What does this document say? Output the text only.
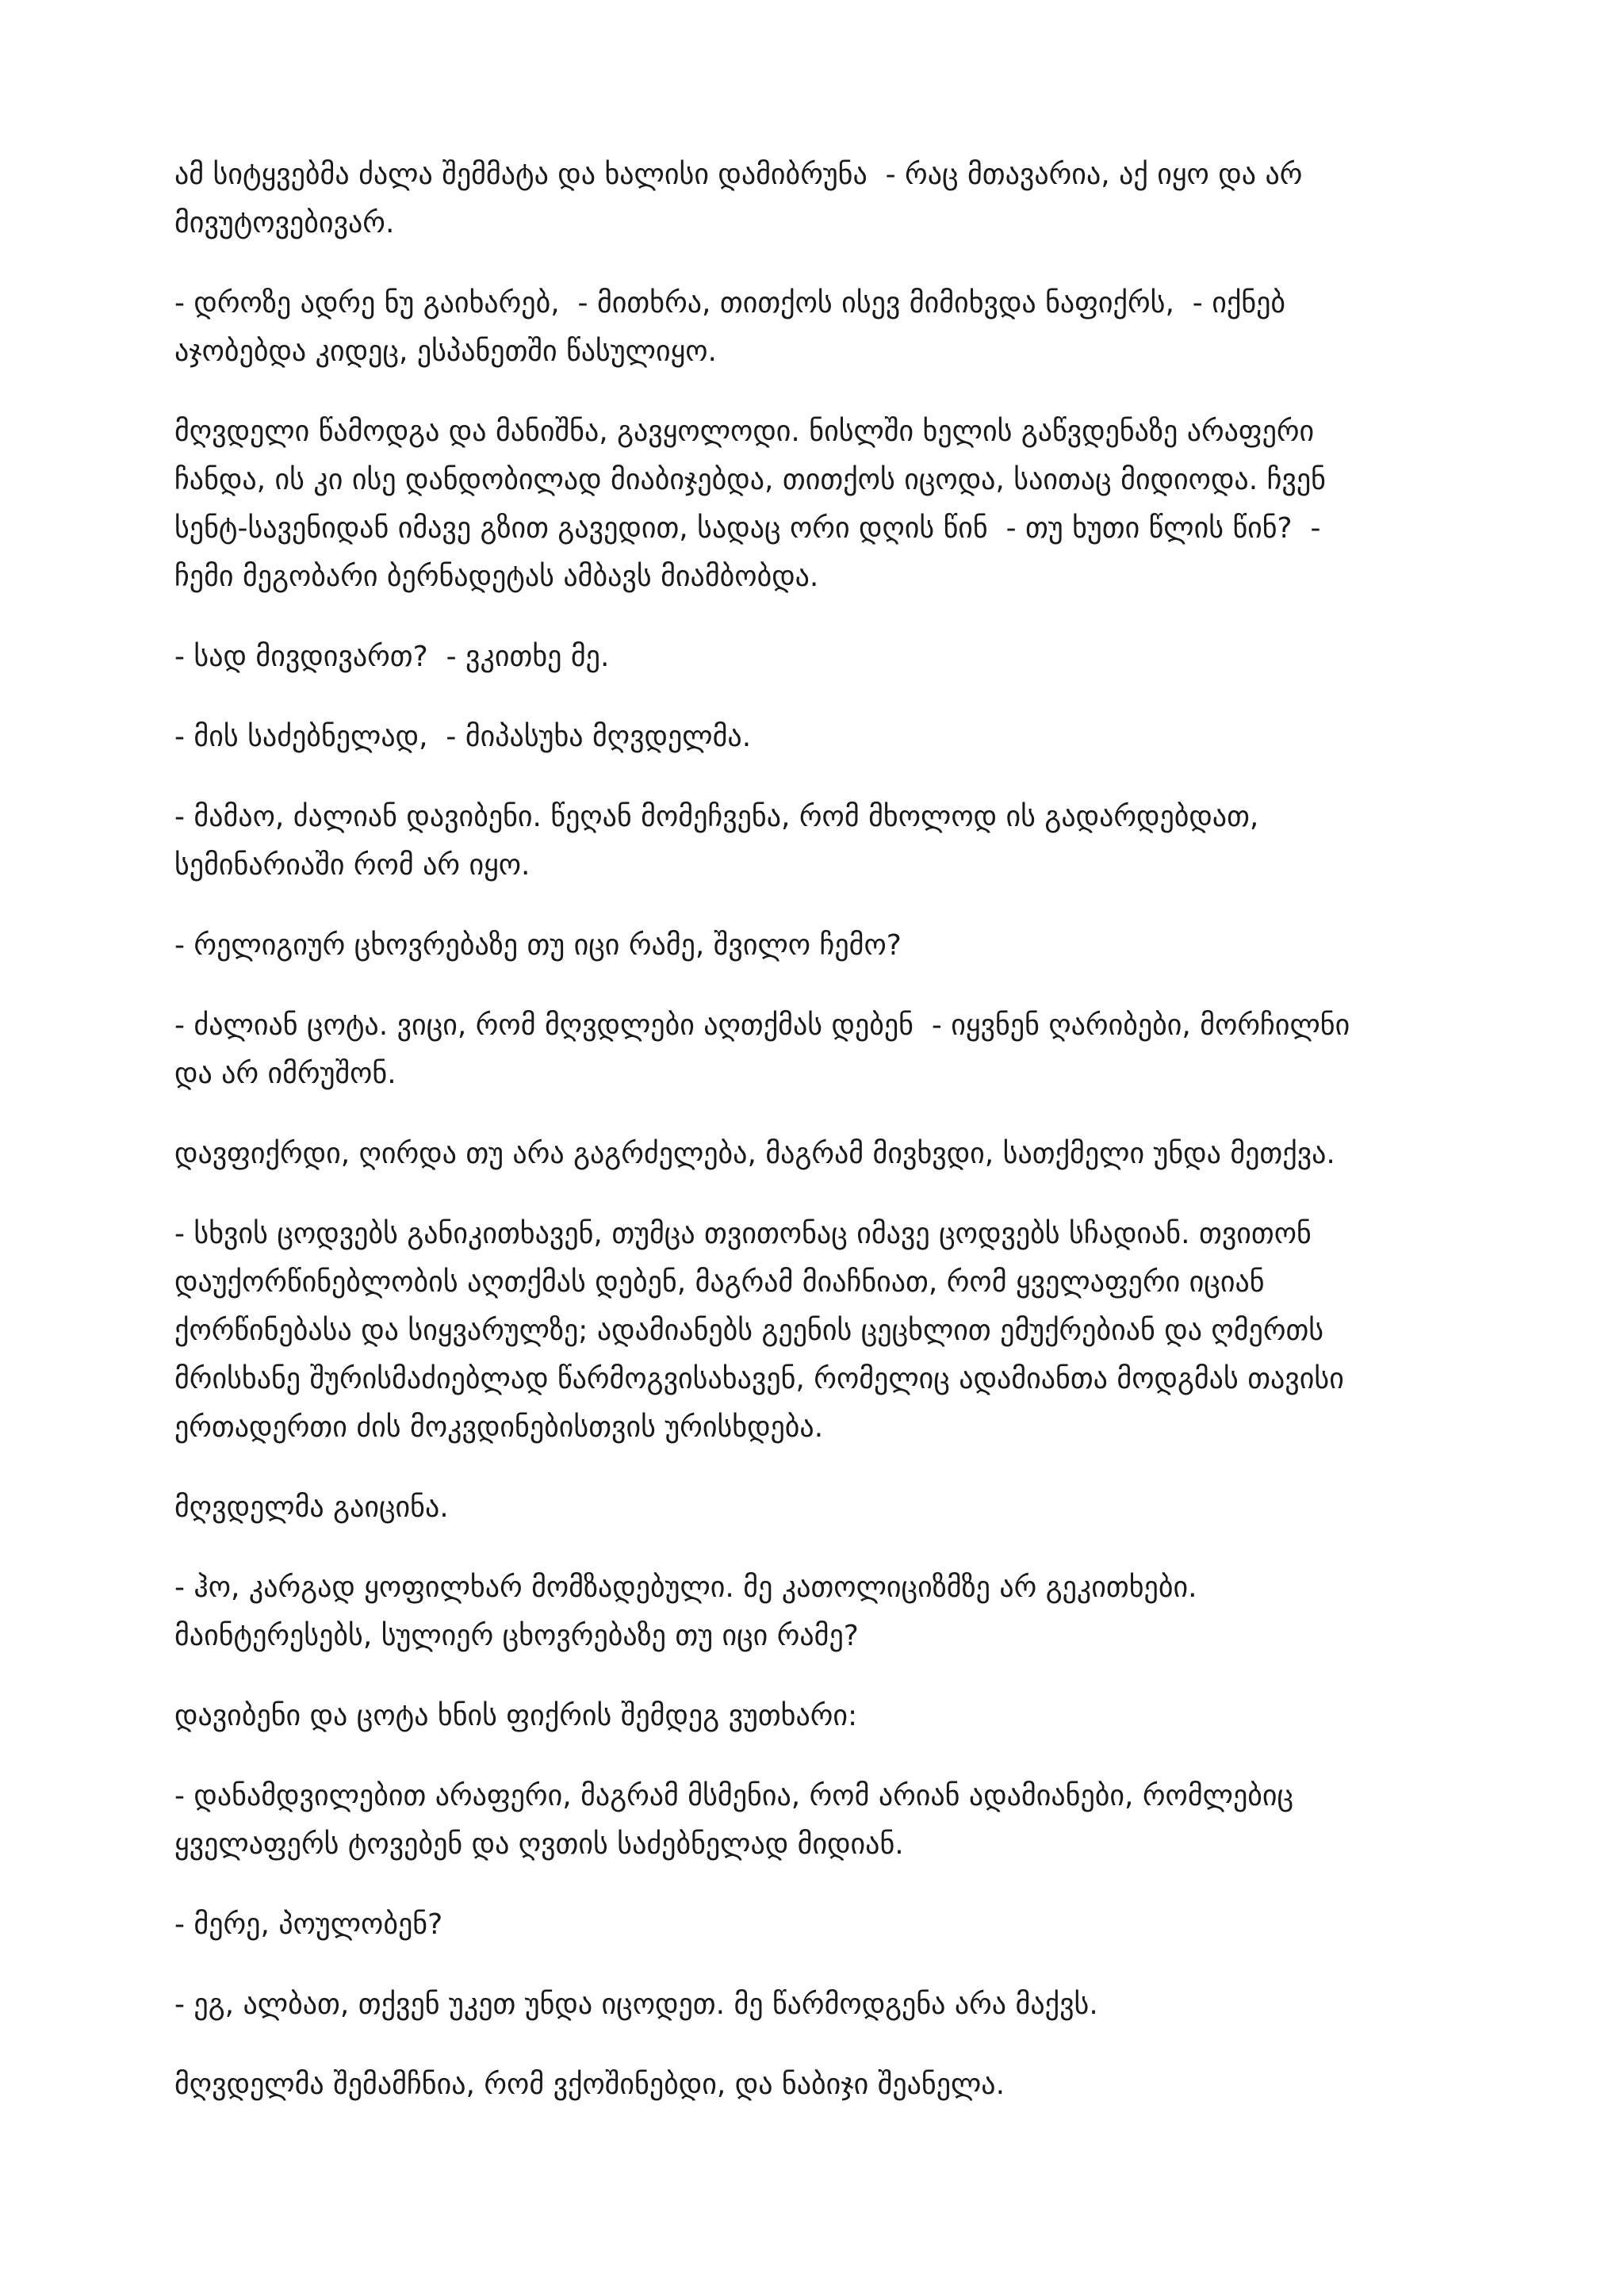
ამ სიტყვებმა ძალა შემმატა და ხალისი დამიბრუნა  - რაც მთავარია, აქ იყო და არ
მივუტოვებივარ.

- დროზე ადრე ნუ გაიხარებ,  - მითხრა, თითქოს ისევ მიმიხვდა ნაფიქრს,  - იქნებ
აჯობებდა კიდეც, ესპანეთში წასულიყო.

მღვდელი წამოდგა და მანიშნა, გავყოლოდი. ნისლში ხელის გაწვდენაზე არაფერი
ჩანდა, ის კი ისე დანდობილად მიაბიჯებდა, თითქოს იცოდა, საითაც მიდიოდა. ჩვენ
სენტ-სავენიდან იმავე გზით გავედით, სადაც ორი დღის წინ  - თუ ხუთი წლის წინ?  -
ჩემი მეგობარი ბერნადეტას ამბავს მიამბობდა.

- სად მივდივართ?  - ვკითხე მე.

- მის საძებნელად,  - მიპასუხა მღვდელმა.

- მამაო, ძალიან დავიბენი. წეღან მომეჩვენა, რომ მხოლოდ ის გადარდებდათ,
სემინარიაში რომ არ იყო.

- რელიგიურ ცხოვრებაზე თუ იცი რამე, შვილო ჩემო?

- ძალიან ცოტა. ვიცი, რომ მღვდლები აღთქმას დებენ  - იყვნენ ღარიბები, მორჩილნი
და არ იმრუშონ.

დავფიქრდი, ღირდა თუ არა გაგრძელება, მაგრამ მივხვდი, სათქმელი უნდა მეთქვა.

- სხვის ცოდვებს განიკითხავენ, თუმცა თვითონაც იმავე ცოდვებს სჩადიან. თვითონ
დაუქორწინებლობის აღთქმას დებენ, მაგრამ მიაჩნიათ, რომ ყველაფერი იციან
ქორწინებასა და სიყვარულზე; ადამიანებს გეენის ცეცხლით ემუქრებიან და ღმერთს
მრისხანე შურისმაძიებლად წარმოგვისახავენ, რომელიც ადამიანთა მოდგმას თავისი
ერთადერთი ძის მოკვდინებისთვის ურისხდება.

მღვდელმა გაიცინა.

- ჰო, კარგად ყოფილხარ მომზადებული. მე კათოლიციზმზე არ გეკითხები.
მაინტერესებს, სულიერ ცხოვრებაზე თუ იცი რამე?

დავიბენი და ცოტა ხნის ფიქრის შემდეგ ვუთხარი:

- დანამდვილებით არაფერი, მაგრამ მსმენია, რომ არიან ადამიანები, რომლებიც
ყველაფერს ტოვებენ და ღვთის საძებნელად მიდიან.

- მერე, პოულობენ?

- ეგ, ალბათ, თქვენ უკეთ უნდა იცოდეთ. მე წარმოდგენა არა მაქვს.

მღვდელმა შემამჩნია, რომ ვქოშინებდი, და ნაბიჯი შეანელა.
